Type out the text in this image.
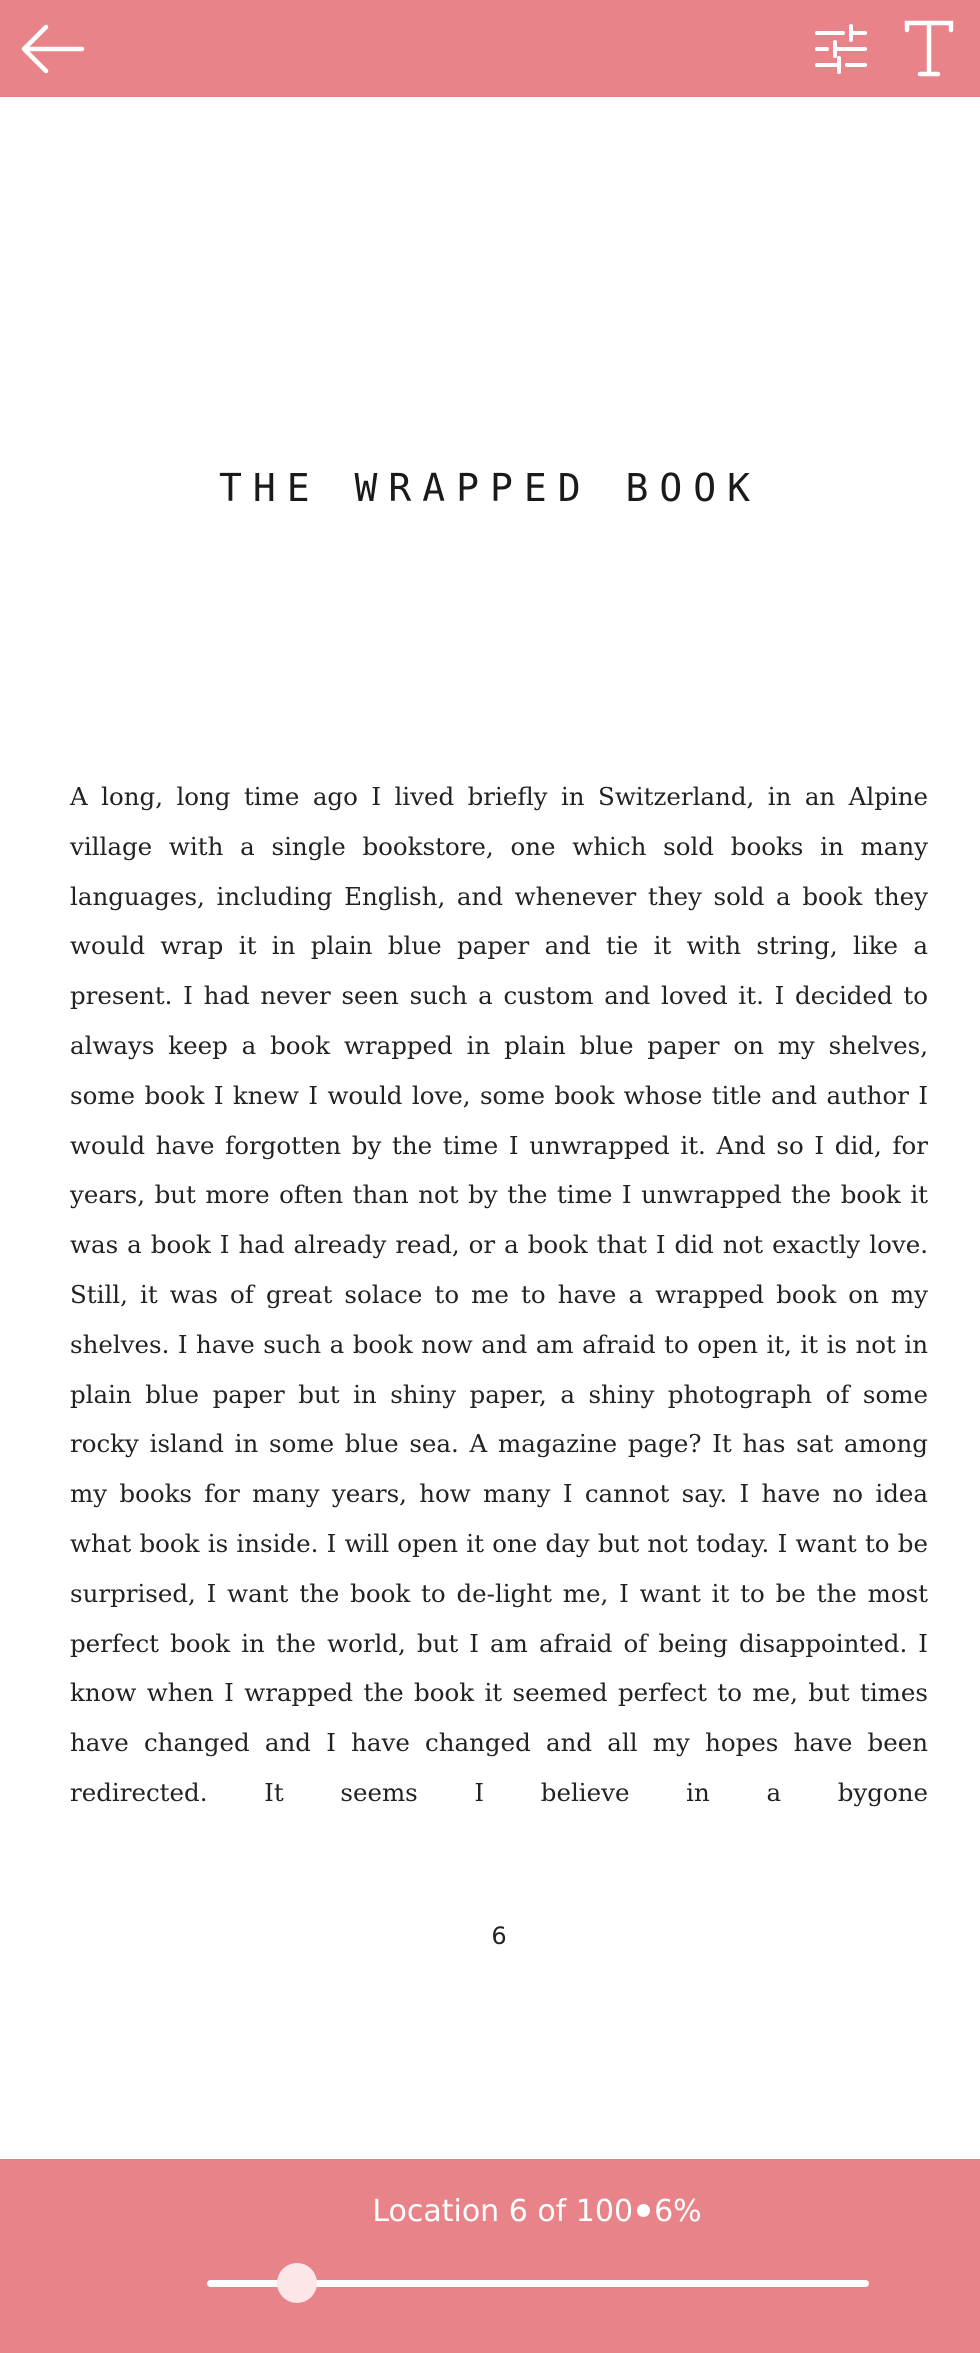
THE WRAPPED BOOK

A long, long time ago I lived briefly in Switzerland, in an Alpine village with a single bookstore, one which sold books in many languages, including English, and whenever they sold a book they would wrap it in plain blue paper and tie it with string, like a present. I had never seen such a custom and loved it. I decided to always keep a book wrapped in plain blue paper on my shelves, some book I knew I would love, some book whose title and author I would have forgotten by the time I unwrapped it. And so I did, for years, but more often than not by the time I unwrapped the book it was a book I had already read, or a book that I did not exactly love. Still, it was of great solace to me to have a wrapped book on my shelves. I have such a book now and am afraid to open it, it is not in plain blue paper but in shiny paper, a shiny photograph of some rocky island in some blue sea. A magazine page? It has sat among my books for many years, how many I cannot say. I have no idea what book is inside. I will open it one day but not today. I want to be surprised, I want the book to de-light me, I want it to be the most perfect book in the world, but I am afraid of being disappointed. I know when I wrapped the book it seemed perfect to me, but times have changed and I have changed and all my hopes have been redirected. It seems I believe in a bygone

6
Location 6 of 100 6%
